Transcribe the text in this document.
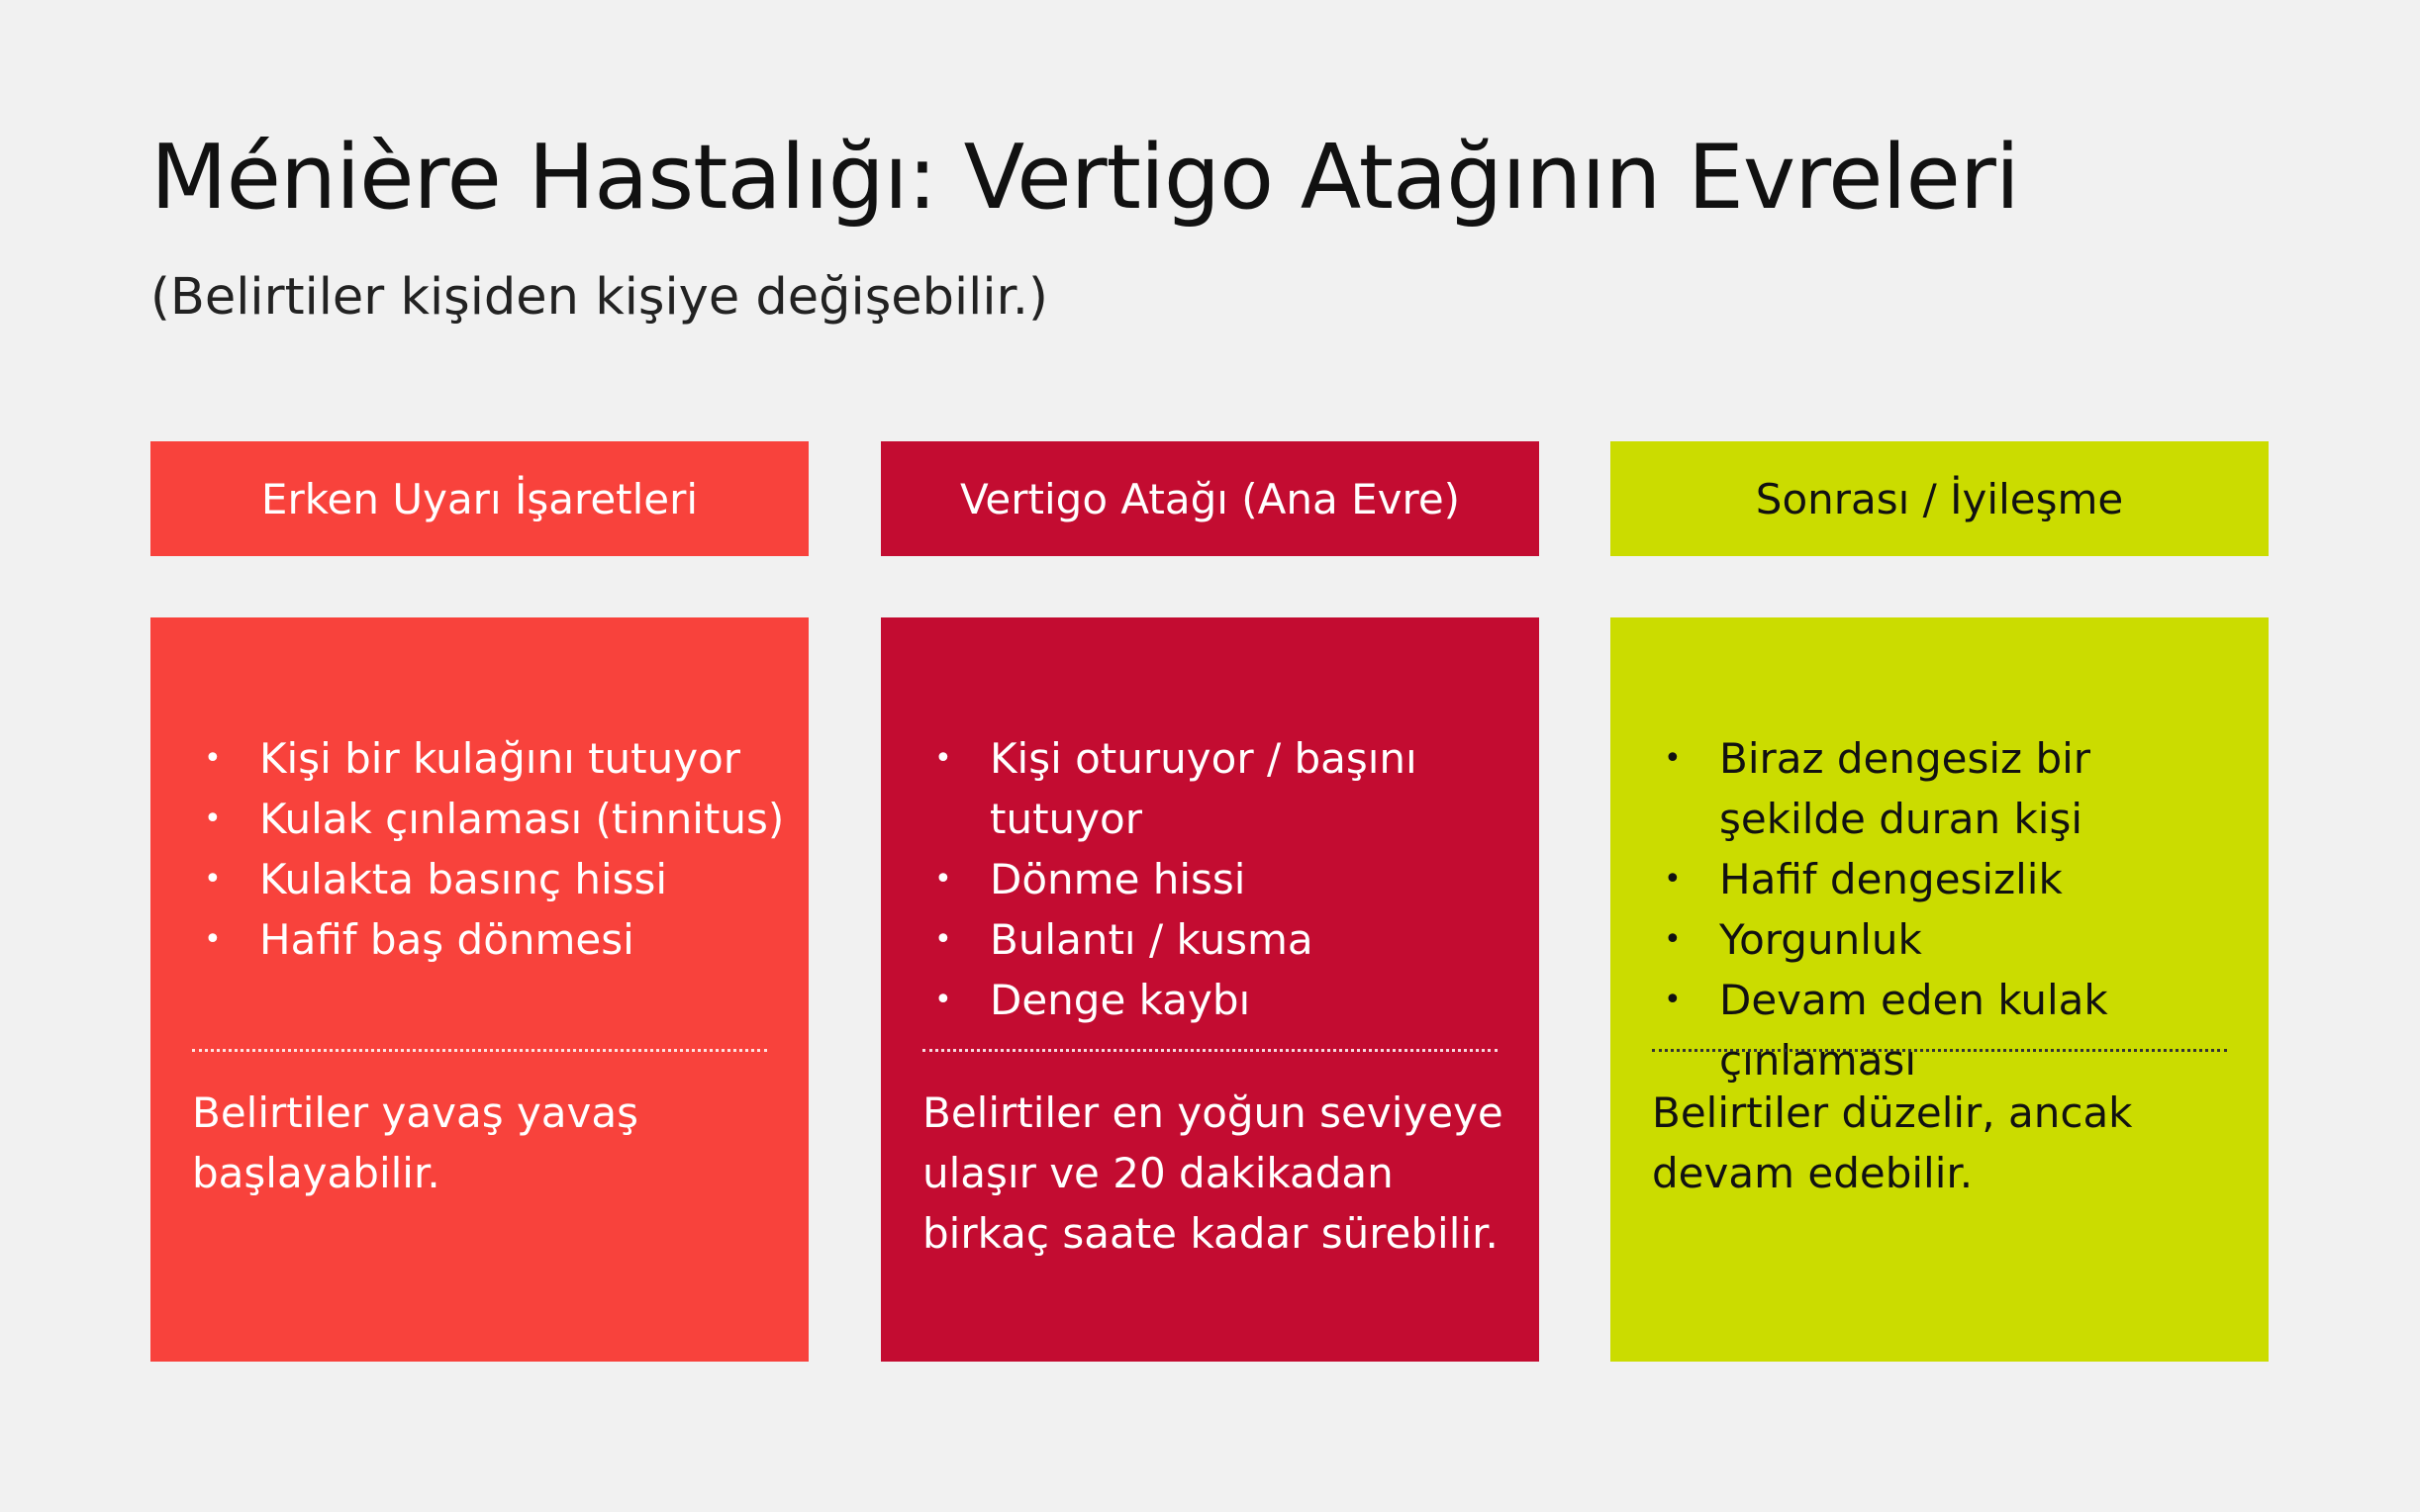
Ménière Hastalığı: Vertigo Atağının Evreleri

(Belirtiler kişiden kişiye değişebilir.)

Erken Uyarı İşaretleri
• Kişi bir kulağını tutuyor
• Kulak çınlaması (tinnitus)
• Kulakta basınç hissi
• Hafif baş dönmesi

Belirtiler yavaş yavaş başlayabilir.

Vertigo Atağı (Ana Evre)
• Kişi oturuyor / başını tutuyor
• Dönme hissi
• Bulantı / kusma
• Denge kaybı

Belirtiler en yoğun seviyeye ulaşır ve 20 dakikadan birkaç saate kadar sürebilir.

Sonrası / İyileşme
• Biraz dengesiz bir şekilde duran kişi
• Hafif dengesizlik
• Yorgunluk
• Devam eden kulak çınlaması

Belirtiler düzelir, ancak devam edebilir.
